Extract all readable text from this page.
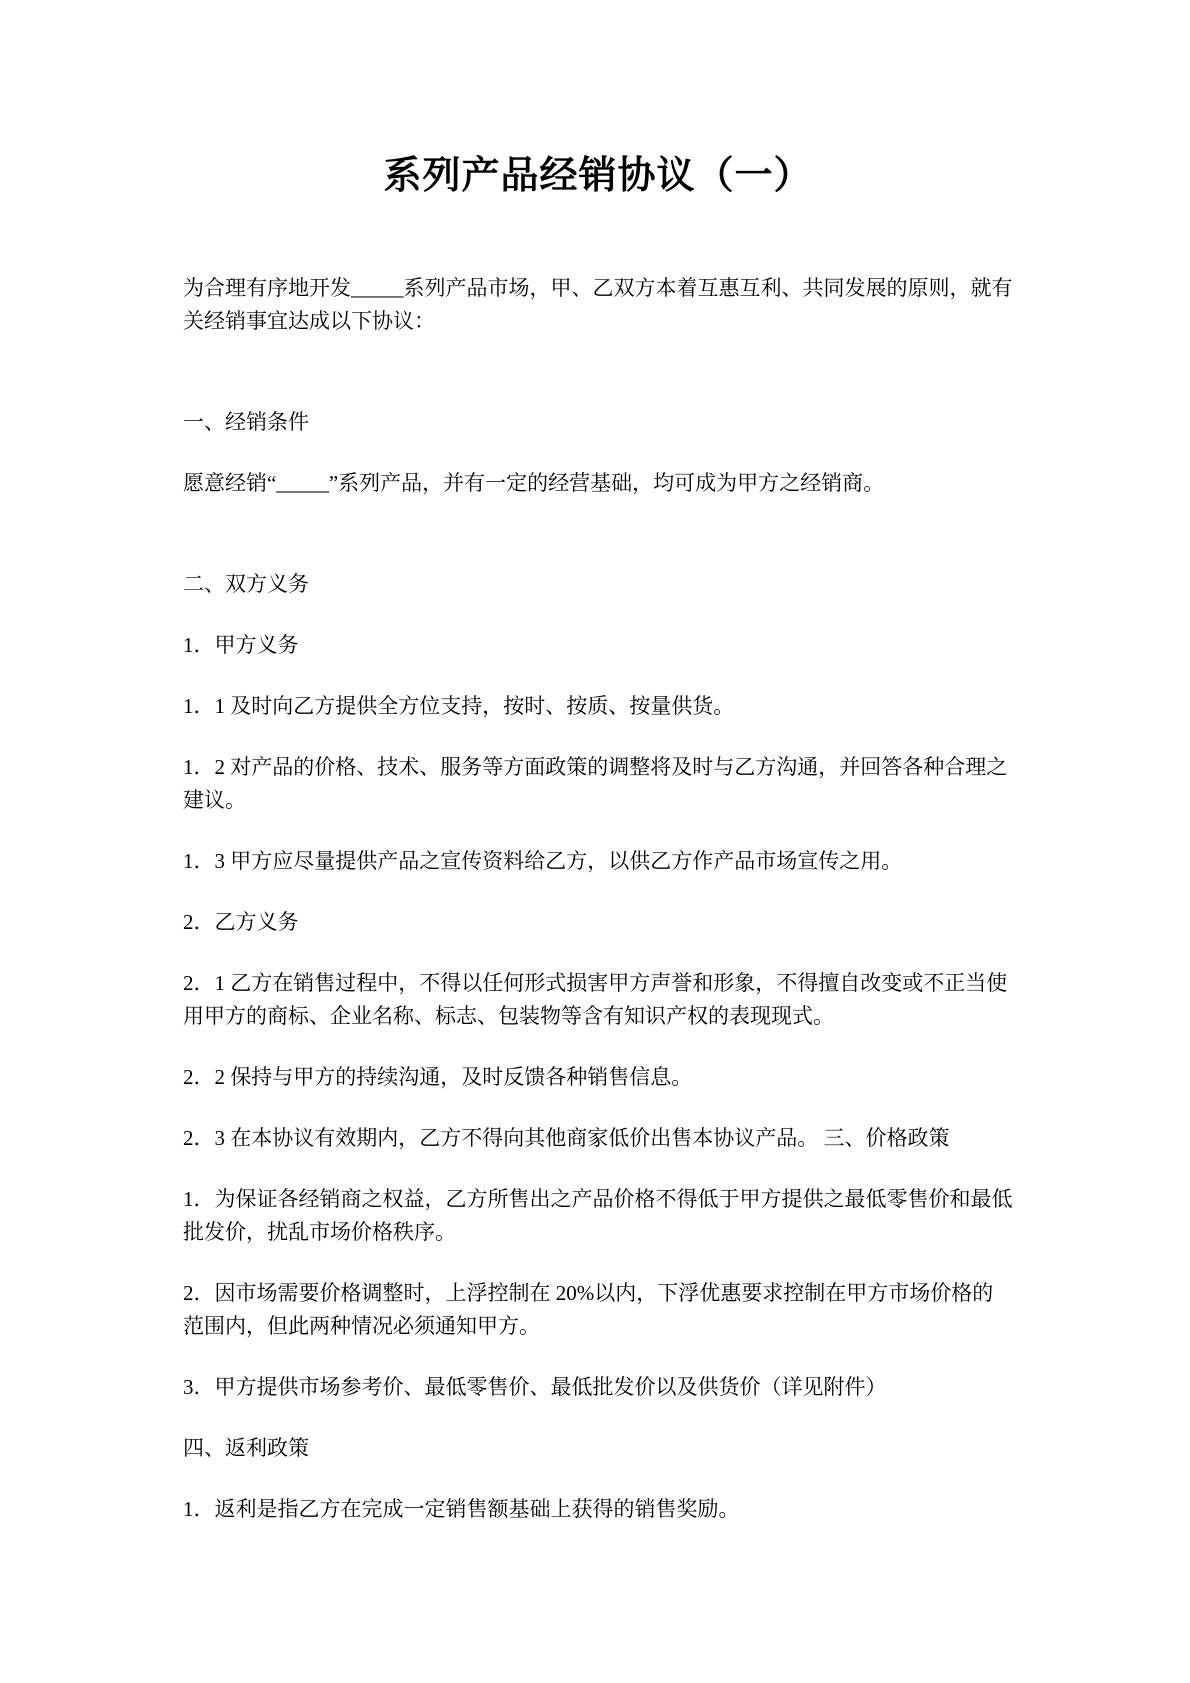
系列产品经销协议（一）

为合理有序地开发_____系列产品市场，甲、乙双方本着互惠互利、共同发展的原则，就有关经销事宜达成以下协议：

一、经销条件

愿意经销“_____”系列产品，并有一定的经营基础，均可成为甲方之经销商。

二、双方义务

1．甲方义务

1．1 及时向乙方提供全方位支持，按时、按质、按量供货。

1．2 对产品的价格、技术、服务等方面政策的调整将及时与乙方沟通，并回答各种合理之建议。

1．3 甲方应尽量提供产品之宣传资料给乙方，以供乙方作产品市场宣传之用。

2．乙方义务

2．1 乙方在销售过程中，不得以任何形式损害甲方声誉和形象，不得擅自改变或不正当使用甲方的商标、企业名称、标志、包装物等含有知识产权的表现现式。

2．2 保持与甲方的持续沟通，及时反馈各种销售信息。

2．3 在本协议有效期内，乙方不得向其他商家低价出售本协议产品。 三、价格政策

1．为保证各经销商之权益，乙方所售出之产品价格不得低于甲方提供之最低零售价和最低批发价，扰乱市场价格秩序。

2．因市场需要价格调整时，上浮控制在 20%以内，下浮优惠要求控制在甲方市场价格的范围内，但此两种情况必须通知甲方。

3．甲方提供市场参考价、最低零售价、最低批发价以及供货价（详见附件）

四、返利政策

1．返利是指乙方在完成一定销售额基础上获得的销售奖励。
